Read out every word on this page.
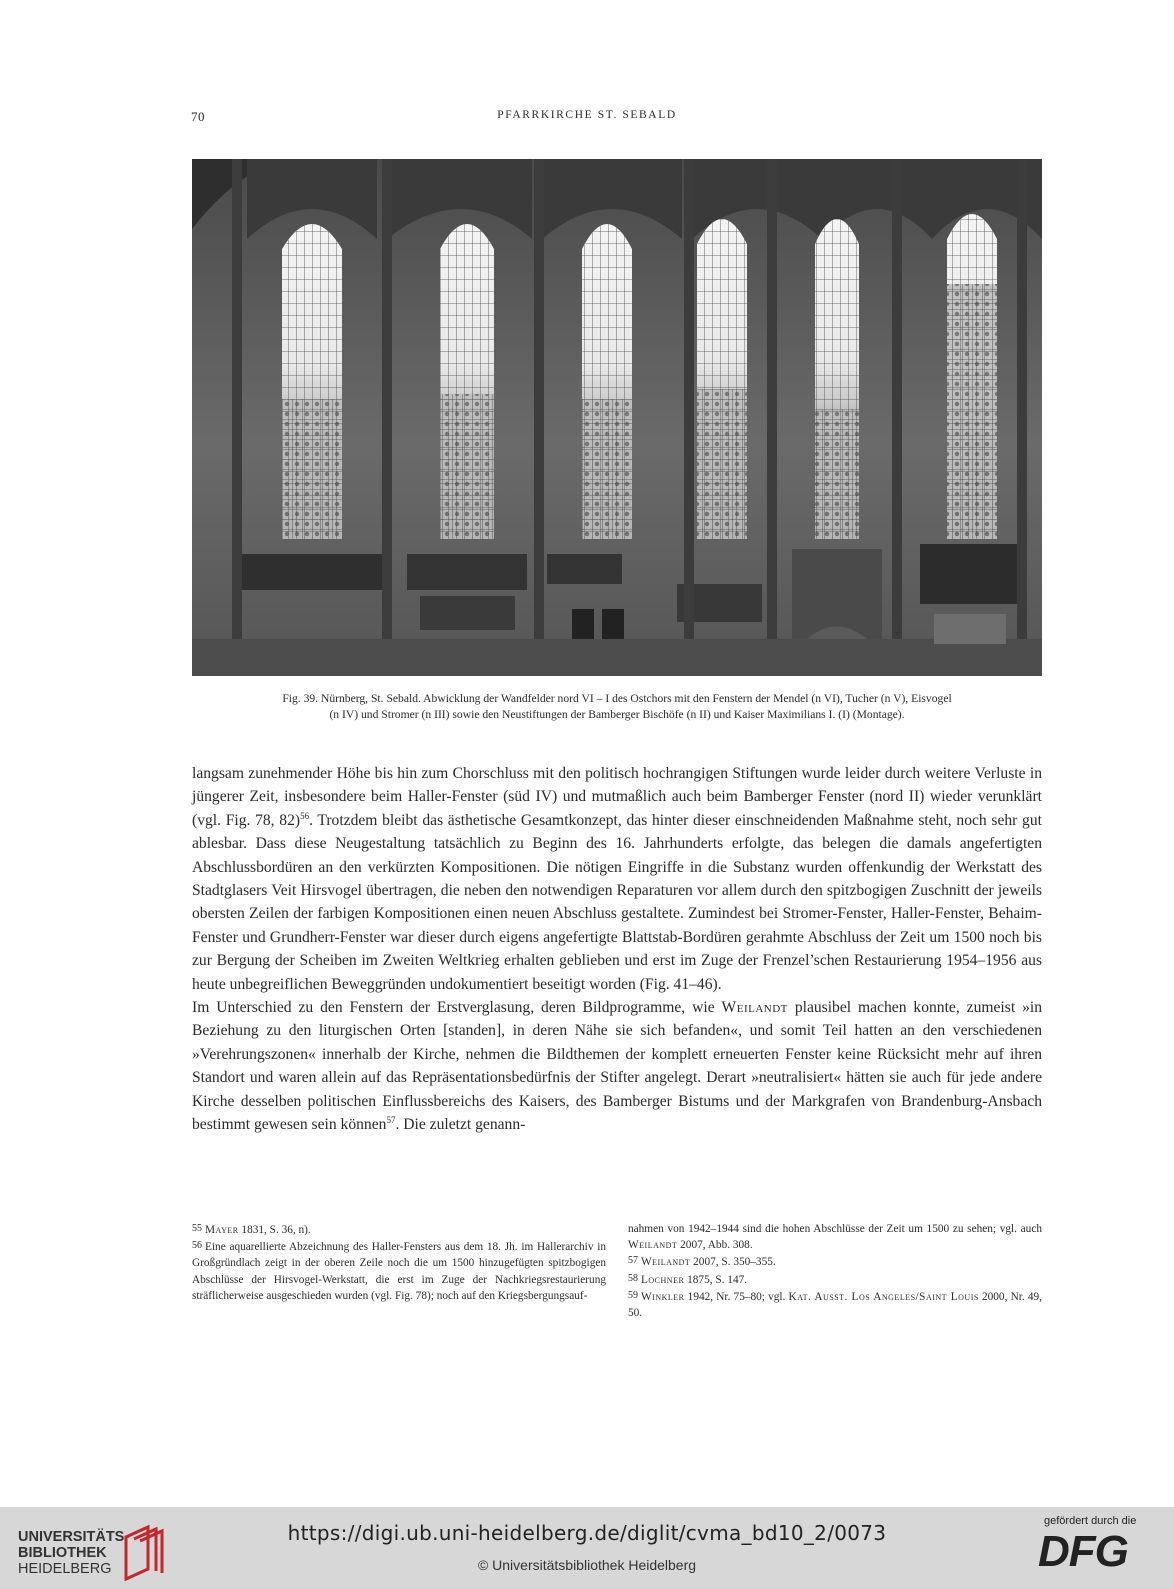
70	PFARRKIRCHE ST. SEBALD
Fig. 39. Nürnberg, St. Sebald. Abwicklung der Wandfelder nord VI – I des Ostchors mit den Fenstern der Mendel (n VI), Tucher (n V), Eisvogel
(n IV) und Stromer (n III) sowie den Neustiftungen der Bamberger Bischöfe (n II) und Kaiser Maximilians I. (I) (Montage).

langsam zunehmender Höhe bis hin zum Chorschluss mit den politisch hochrangigen Stiftungen wurde leider durch weitere Verluste in jüngerer Zeit, insbesondere beim Haller-Fenster (süd IV) und mutmaßlich auch beim Bamberger Fenster (nord II) wieder verunklärt (vgl. Fig. 78, 82)$^{56}$. Trotzdem bleibt das ästhetische Gesamtkonzept, das hinter dieser einschneidenden Maßnahme steht, noch sehr gut ablesbar. Dass diese Neugestaltung tatsächlich zu Beginn des 16. Jahrhunderts erfolgte, das belegen die damals angefertigten Abschlussbordüren an den verkürzten Kompositionen. Die nötigen Eingriffe in die Substanz wurden offenkundig der Werkstatt des Stadtglasers Veit Hirsvogel übertragen, die neben den notwendigen Reparaturen vor allem durch den spitzbogigen Zuschnitt der jeweils obersten Zeilen der farbigen Kompositionen einen neuen Abschluss gestaltete. Zumindest bei Stromer-Fenster, Haller-Fenster, Behaim-Fenster und Grundherr-Fenster war dieser durch eigens angefertigte Blattstab-Bordüren gerahmte Abschluss der Zeit um 1500 noch bis zur Bergung der Scheiben im Zweiten Weltkrieg erhalten geblieben und erst im Zuge der Frenzel’schen Restaurierung 1954–1956 aus heute unbegreiflichen Beweggründen undokumentiert beseitigt worden (Fig. 41–46).

Im Unterschied zu den Fenstern der Erstverglasung, deren Bildprogramme, wie Weilandt plausibel machen konnte, zumeist »in Beziehung zu den liturgischen Orten [standen], in deren Nähe sie sich befanden«, und somit Teil hatten an den verschiedenen »Verehrungszonen« innerhalb der Kirche, nehmen die Bildthemen der komplett erneuerten Fenster keine Rücksicht mehr auf ihren Standort und waren allein auf das Repräsentationsbedürfnis der Stifter angelegt. Derart »neutralisiert« hätten sie auch für jede andere Kirche desselben politischen Einflussbereichs des Kaisers, des Bamberger Bistums und der Markgrafen von Brandenburg-Ansbach bestimmt gewesen sein können$^{57}$. Die zuletzt genann-

55 Mayer 1831, S. 36, n).

56 Eine aquarellierte Abzeichnung des Haller-Fensters aus dem 18. Jh. im Hallerarchiv in Großgründlach zeigt in der oberen Zeile noch die um 1500 hinzugefügten spitzbogigen Abschlüsse der Hirsvogel-Werkstatt, die erst im Zuge der Nachkriegsrestaurierung sträflicherweise ausgeschieden wurden (vgl. Fig. 78); noch auf den Kriegsbergungsauf-

nahmen von 1942–1944 sind die hohen Abschlüsse der Zeit um 1500 zu sehen; vgl. auch Weilandt 2007, Abb. 308.

57 Weilandt 2007, S. 350–355.

58 Lochner 1875, S. 147.

59 Winkler 1942, Nr. 75–80; vgl. Kat. Ausst. Los Angeles/Saint Louis 2000, Nr. 49, 50.

UNIVERSITÄTS-
BIBLIOTHEK
HEIDELBERG
https://digi.ub.uni-heidelberg.de/diglit/cvma_bd10_2/0073
© Universitätsbibliothek Heidelberg
gefördert durch die
DFG
